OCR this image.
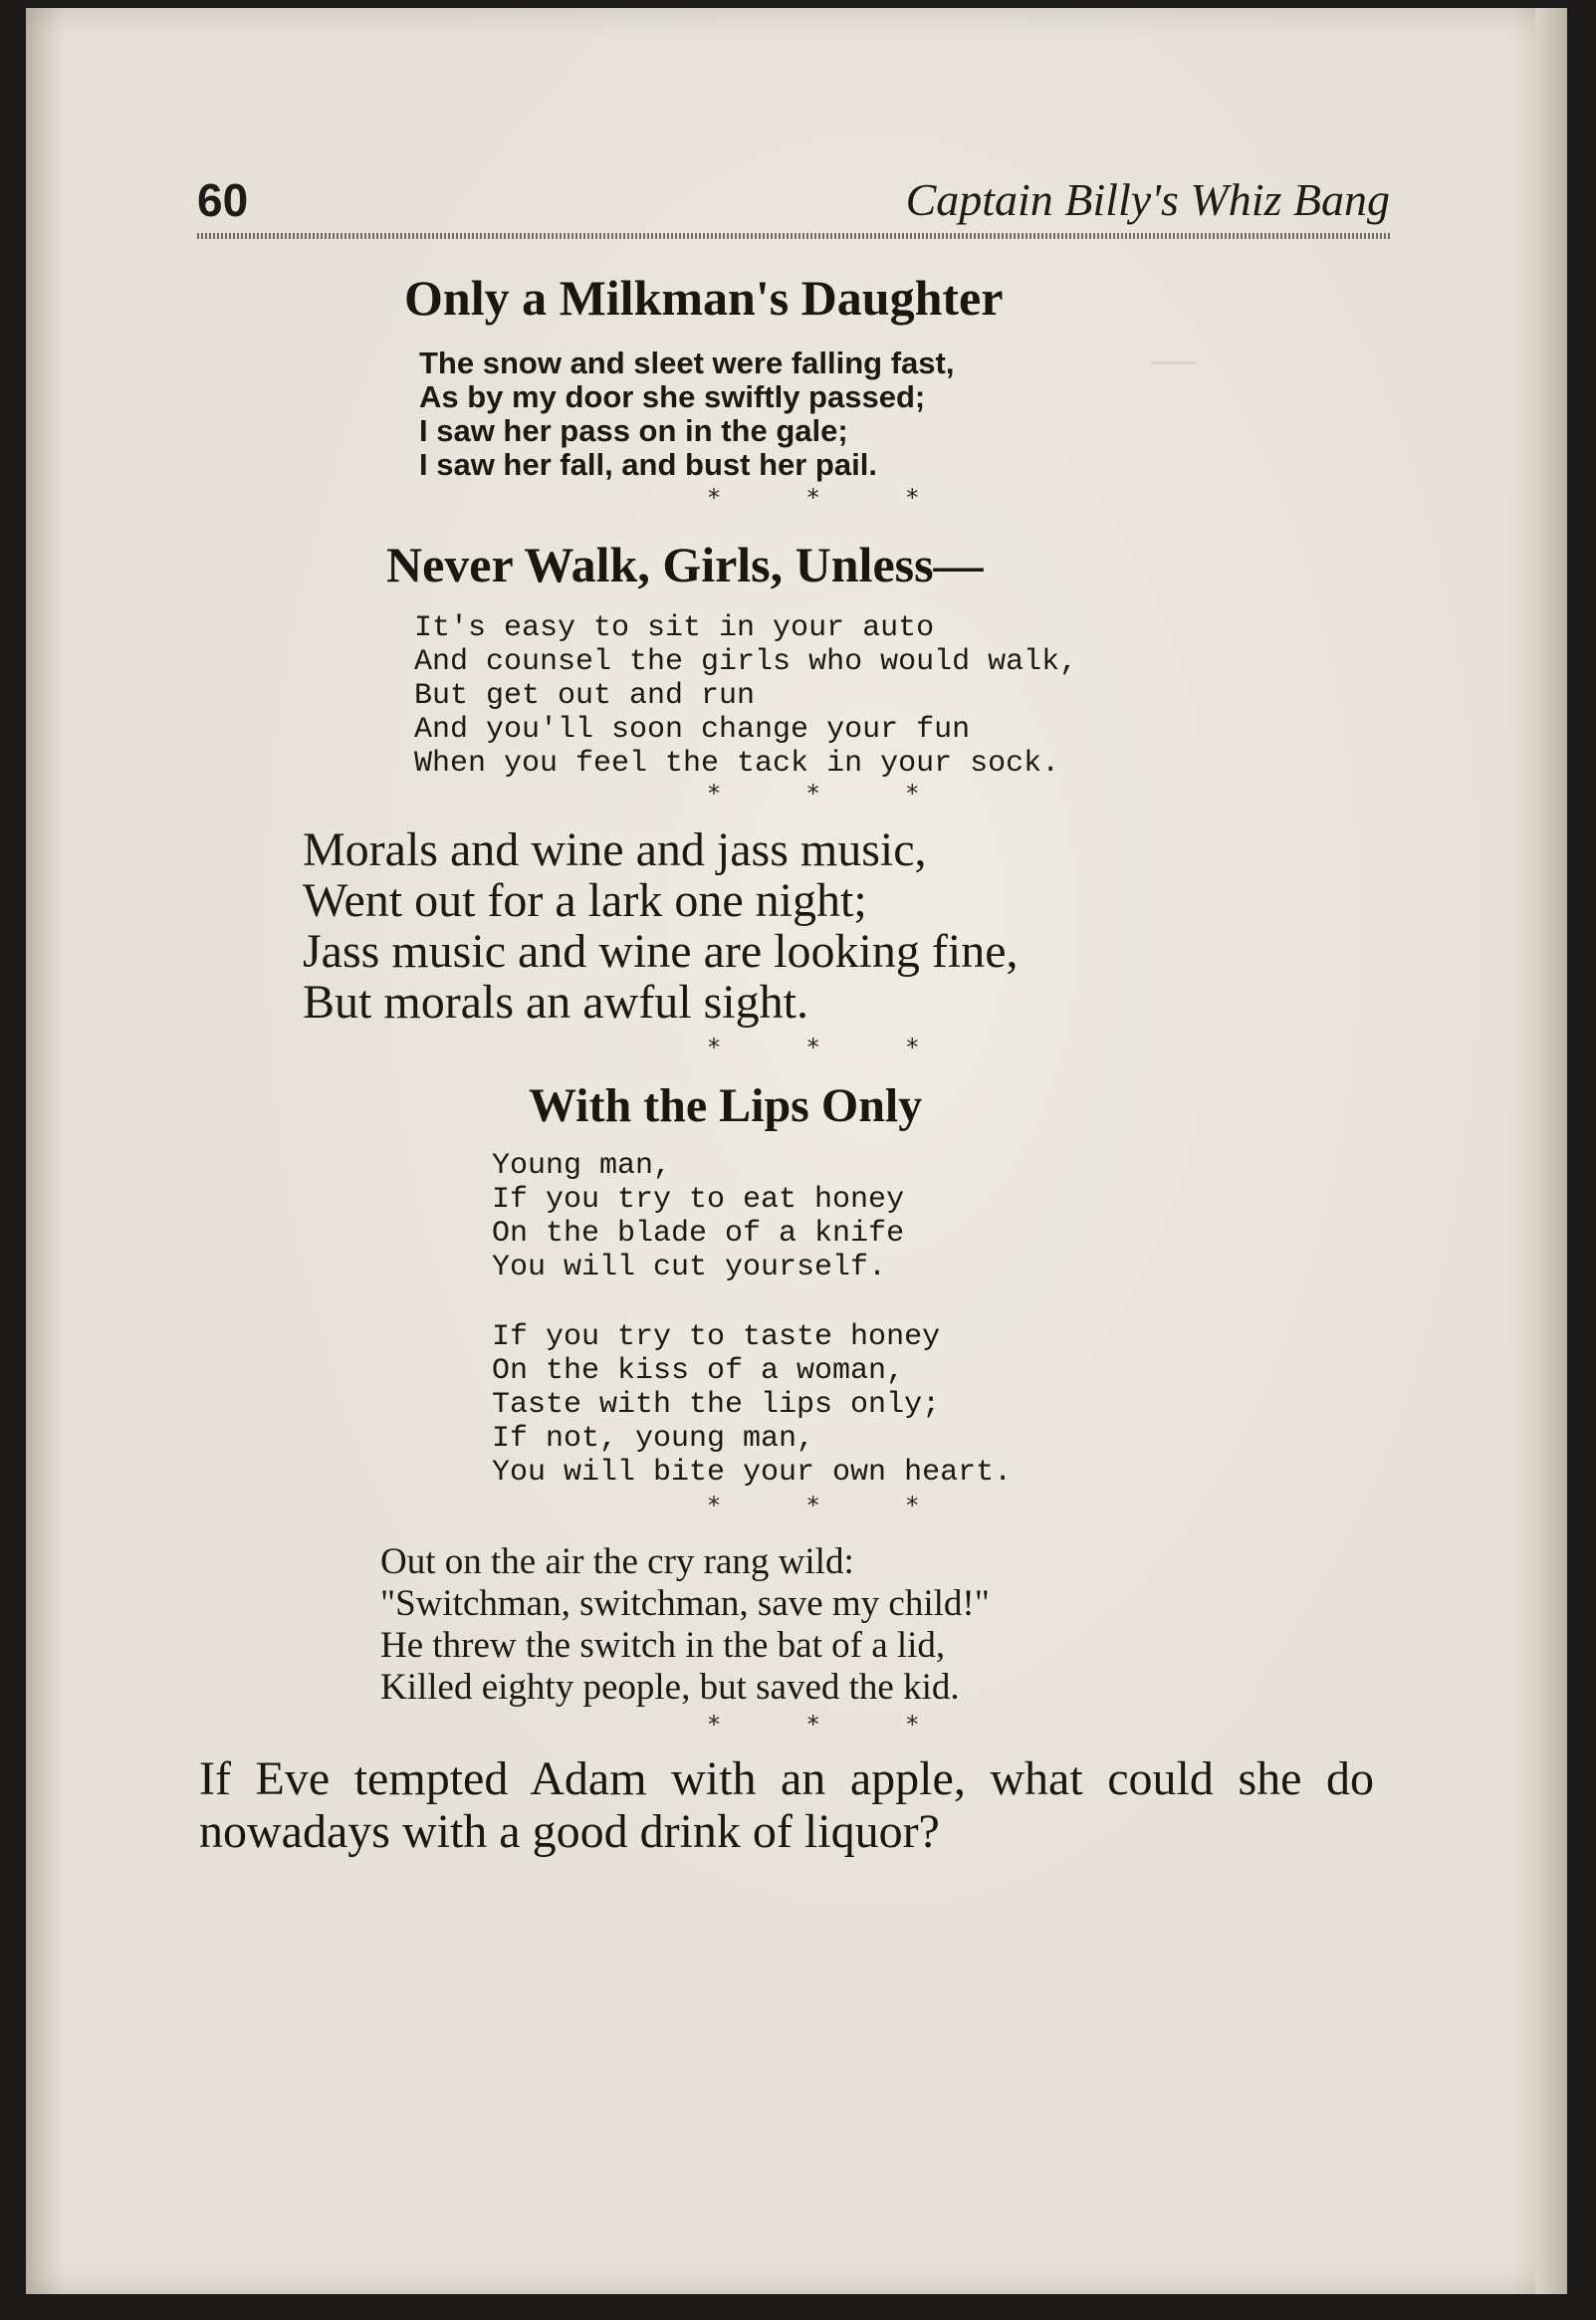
—
60	Captain Billy's Whiz Bang
Only a Milkman's Daughter
The snow and sleet were falling fast,
As by my door she swiftly passed;
I saw her pass on in the gale;
I saw her fall, and bust her pail.
* * *
Never Walk, Girls, Unless—
It's easy to sit in your auto
And counsel the girls who would walk,
But get out and run
And you'll soon change your fun
When you feel the tack in your sock.
* * *
Morals and wine and jass music,
Went out for a lark one night;
Jass music and wine are looking fine,
But morals an awful sight.
* * *
With the Lips Only
Young man,
If you try to eat honey
On the blade of a knife
You will cut yourself.
If you try to taste honey
On the kiss of a woman,
Taste with the lips only;
If not, young man,
You will bite your own heart.
* * *
Out on the air the cry rang wild:
"Switchman, switchman, save my child!"
He threw the switch in the bat of a lid,
Killed eighty people, but saved the kid.
* * *
If Eve tempted Adam with an apple, what could she do nowadays with a good drink of liquor?
